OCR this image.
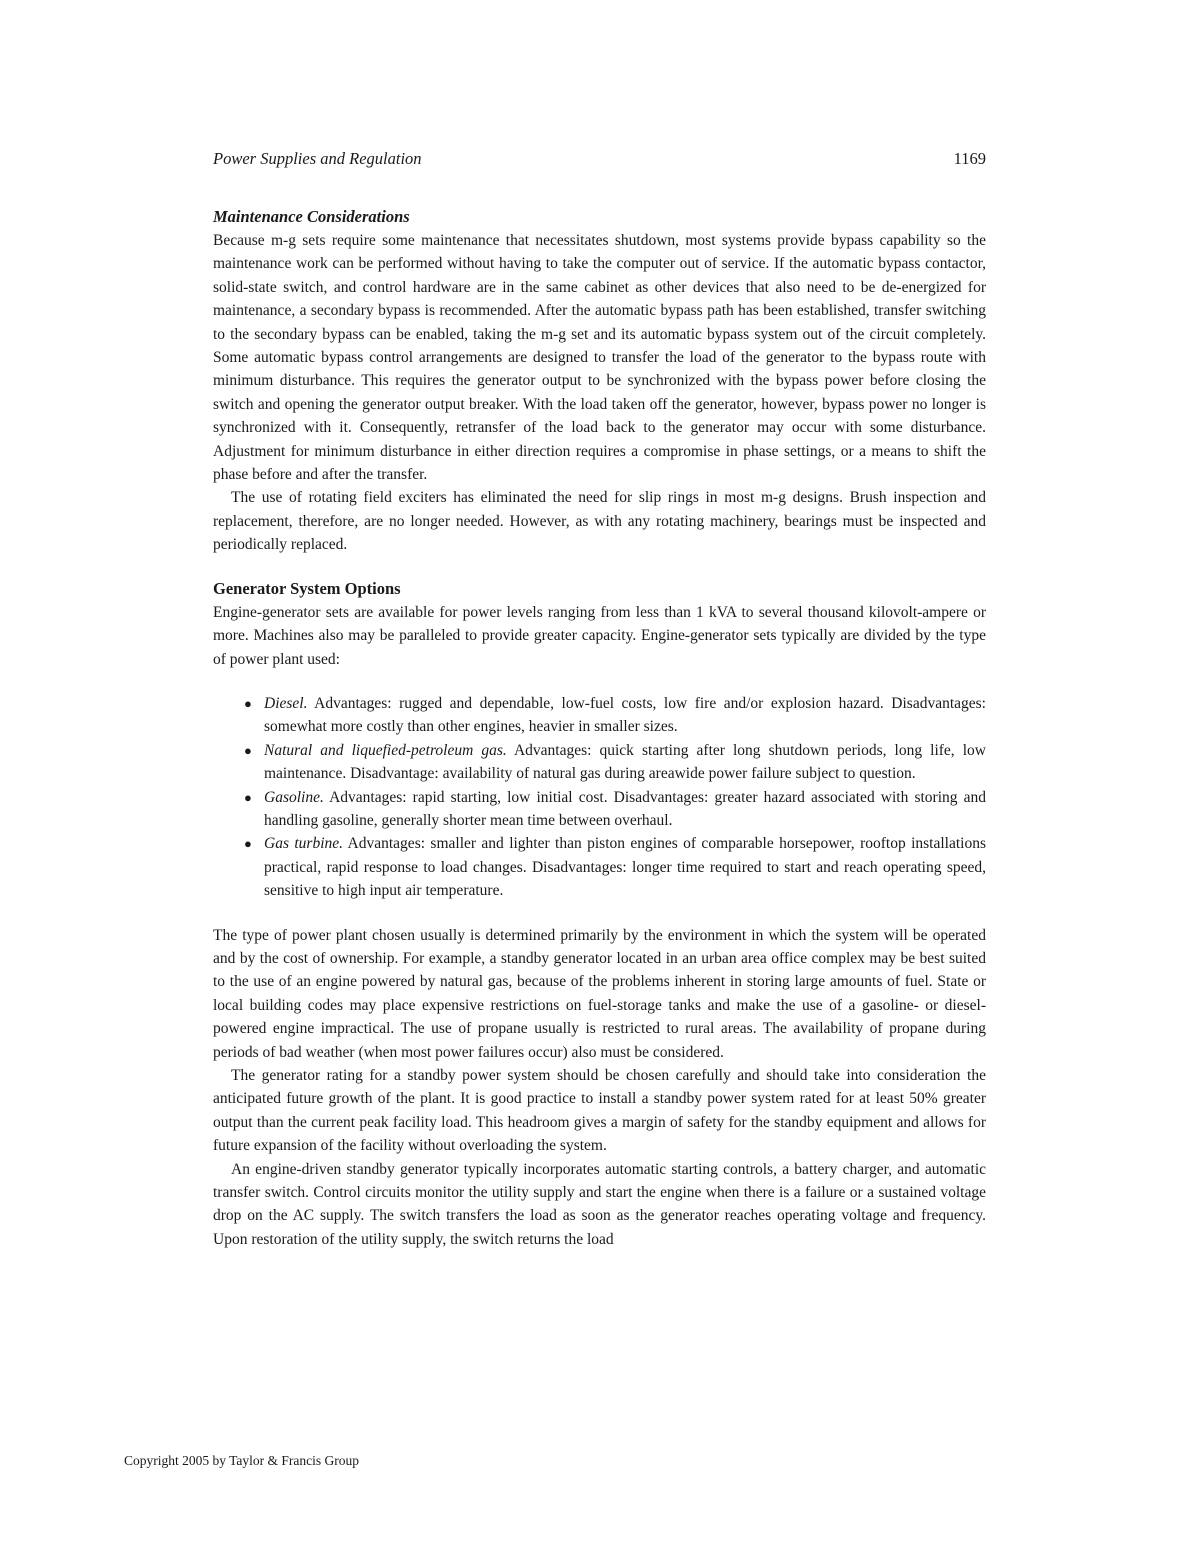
Power Supplies and Regulation	1169
Maintenance Considerations

Because m-g sets require some maintenance that necessitates shutdown, most systems provide bypass capability so the maintenance work can be performed without having to take the computer out of service. If the automatic bypass contactor, solid-state switch, and control hardware are in the same cabinet as other devices that also need to be de-energized for maintenance, a secondary bypass is recommended. After the automatic bypass path has been established, transfer switching to the secondary bypass can be enabled, taking the m-g set and its automatic bypass system out of the circuit completely. Some automatic bypass control arrangements are designed to transfer the load of the generator to the bypass route with minimum disturbance. This requires the generator output to be synchronized with the bypass power before closing the switch and opening the generator output breaker. With the load taken off the generator, however, bypass power no longer is synchronized with it. Consequently, retransfer of the load back to the generator may occur with some disturbance. Adjustment for minimum disturbance in either direction requires a compromise in phase settings, or a means to shift the phase before and after the transfer.

The use of rotating field exciters has eliminated the need for slip rings in most m-g designs. Brush inspection and replacement, therefore, are no longer needed. However, as with any rotating machinery, bearings must be inspected and periodically replaced.

Generator System Options

Engine-generator sets are available for power levels ranging from less than 1 kVA to several thousand kilovolt-ampere or more. Machines also may be paralleled to provide greater capacity. Engine-generator sets typically are divided by the type of power plant used:

● Diesel. Advantages: rugged and dependable, low-fuel costs, low fire and/or explosion hazard. Disadvantages: somewhat more costly than other engines, heavier in smaller sizes.
● Natural and liquefied-petroleum gas. Advantages: quick starting after long shutdown periods, long life, low maintenance. Disadvantage: availability of natural gas during areawide power failure subject to question.
● Gasoline. Advantages: rapid starting, low initial cost. Disadvantages: greater hazard associated with storing and handling gasoline, generally shorter mean time between overhaul.
● Gas turbine. Advantages: smaller and lighter than piston engines of comparable horsepower, rooftop installations practical, rapid response to load changes. Disadvantages: longer time required to start and reach operating speed, sensitive to high input air temperature.

The type of power plant chosen usually is determined primarily by the environment in which the system will be operated and by the cost of ownership. For example, a standby generator located in an urban area office complex may be best suited to the use of an engine powered by natural gas, because of the problems inherent in storing large amounts of fuel. State or local building codes may place expensive restrictions on fuel-storage tanks and make the use of a gasoline- or diesel-powered engine impractical. The use of propane usually is restricted to rural areas. The availability of propane during periods of bad weather (when most power failures occur) also must be considered.

The generator rating for a standby power system should be chosen carefully and should take into consideration the anticipated future growth of the plant. It is good practice to install a standby power system rated for at least 50% greater output than the current peak facility load. This headroom gives a margin of safety for the standby equipment and allows for future expansion of the facility without overloading the system.

An engine-driven standby generator typically incorporates automatic starting controls, a battery charger, and automatic transfer switch. Control circuits monitor the utility supply and start the engine when there is a failure or a sustained voltage drop on the AC supply. The switch transfers the load as soon as the generator reaches operating voltage and frequency. Upon restoration of the utility supply, the switch returns the load

Copyright 2005 by Taylor & Francis Group
